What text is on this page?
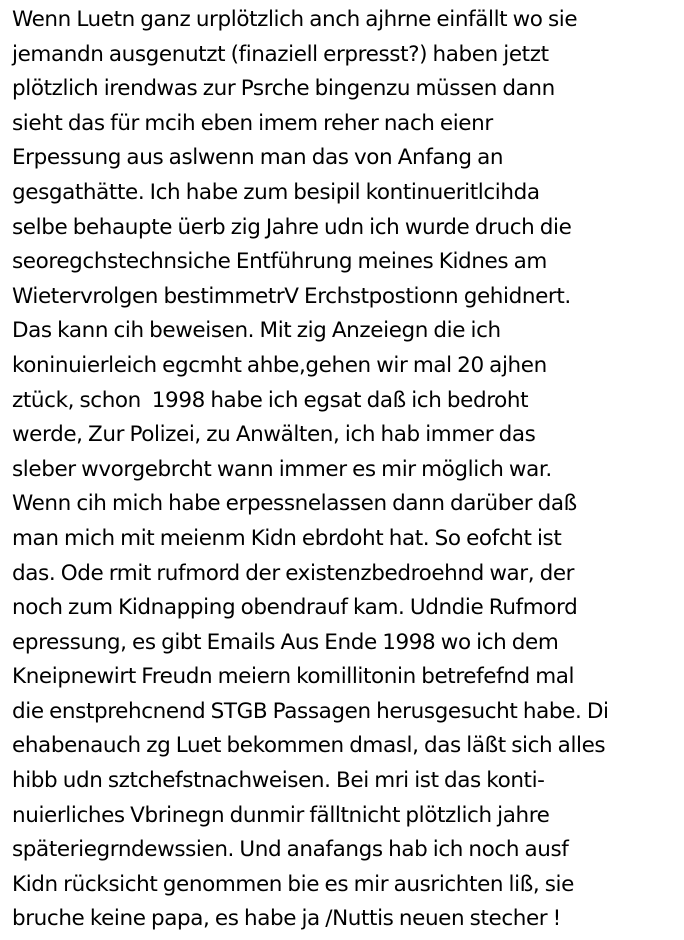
Wenn Luetn ganz urplötzlich anch ajhrne einfällt wo sie
jemandn ausgenutzt (finaziell erpresst?) haben jetzt
plötzlich irendwas zur Psrche bingenzu müssen dann
sieht das für mcih eben imem reher nach eienr
Erpessung aus aslwenn man das von Anfang an
gesgathätte. Ich habe zum besipil kontinueritlcihda
selbe behaupte üerb zig Jahre udn ich wurde druch die
seoregchstechnsiche Entführung meines Kidnes am
Wietervrolgen bestimmetrV Erchstpostionn gehidnert.
Das kann cih beweisen. Mit zig Anzeiegn die ich
koninuierleich egcmht ahbe,gehen wir mal 20 ajhen
ztück, schon  1998 habe ich egsat daß ich bedroht
werde, Zur Polizei, zu Anwälten, ich hab immer das
sleber wvorgebrcht wann immer es mir möglich war.
Wenn cih mich habe erpessnelassen dann darüber daß
man mich mit meienm Kidn ebrdoht hat. So eofcht ist
das. Ode rmit rufmord der existenzbedroehnd war, der
noch zum Kidnapping obendrauf kam. Udndie Rufmord
epressung, es gibt Emails Aus Ende 1998 wo ich dem
Kneipnewirt Freudn meiern komillitonin betrefefnd mal
die enstprehcnend STGB Passagen herusgesucht habe. Di
ehabenauch zg Luet bekommen dmasl, das läßt sich alles
hibb udn sztchefstnachweisen. Bei mri ist das konti-
nuierliches Vbrinegn dunmir fälltnicht plötzlich jahre
späteriegrndewssien. Und anafangs hab ich noch ausf
Kidn rücksicht genommen bie es mir ausrichten liß, sie
bruche keine papa, es habe ja /Nuttis neuen stecher !
